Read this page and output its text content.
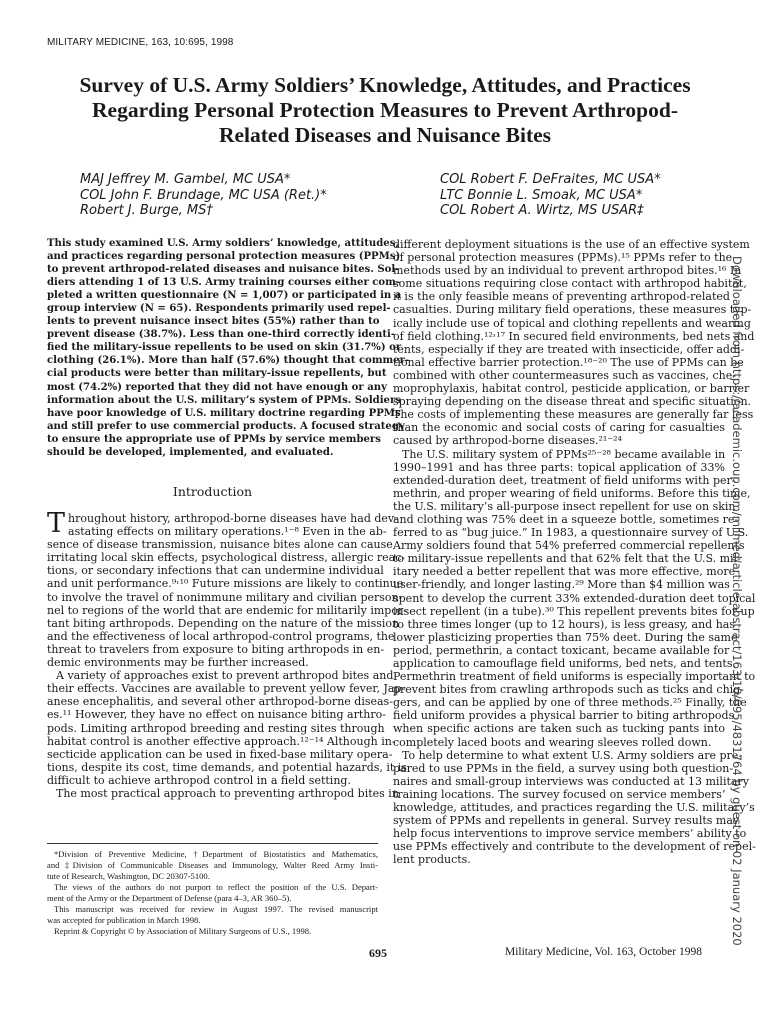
MILITARY MEDICINE, 163, 10:695, 1998
Survey of U.S. Army Soldiers’ Knowledge, Attitudes, and Practices
Regarding Personal Protection Measures to Prevent Arthropod-
Related Diseases and Nuisance Bites
MAJ Jeffrey M. Gambel, MC USA*
COL John F. Brundage, MC USA (Ret.)*
Robert J. Burge, MS†
COL Robert F. DeFraites, MC USA*
LTC Bonnie L. Smoak, MC USA*
COL Robert A. Wirtz, MS USAR‡
This study examined U.S. Army soldiers’ knowledge, attitudes,
and practices regarding personal protection measures (PPMs)
to prevent arthropod-related diseases and nuisance bites. Sol-
diers attending 1 of 13 U.S. Army training courses either com-
pleted a written questionnaire (N = 1,007) or participated in a
group interview (N = 65). Respondents primarily used repel-
lents to prevent nuisance insect bites (55%) rather than to
prevent disease (38.7%). Less than one-third correctly identi-
fied the military-issue repellents to be used on skin (31.7%) or
clothing (26.1%). More than half (57.6%) thought that commer-
cial products were better than military-issue repellents, but
most (74.2%) reported that they did not have enough or any
information about the U.S. military’s system of PPMs. Soldiers
have poor knowledge of U.S. military doctrine regarding PPMs
and still prefer to use commercial products. A focused strategy
to ensure the appropriate use of PPMs by service members
should be developed, implemented, and evaluated.
Introduction
T hroughout history, arthropod-borne diseases have had dev-
astating effects on military operations.¹⁻⁸ Even in the ab-
sence of disease transmission, nuisance bites alone can cause
irritating local skin effects, psychological distress, allergic reac-
tions, or secondary infections that can undermine individual
and unit performance.⁹˒¹⁰ Future missions are likely to continue
to involve the travel of nonimmune military and civilian person-
nel to regions of the world that are endemic for militarily impor-
tant biting arthropods. Depending on the nature of the mission
and the effectiveness of local arthropod-control programs, the
threat to travelers from exposure to biting arthropods in en-
demic environments may be further increased.
A variety of approaches exist to prevent arthropod bites and
their effects. Vaccines are available to prevent yellow fever, Jap-
anese encephalitis, and several other arthropod-borne diseas-
es.¹¹ However, they have no effect on nuisance biting arthro-
pods. Limiting arthropod breeding and resting sites through
habitat control is another effective approach.¹²⁻¹⁴ Although in-
secticide application can be used in fixed-base military opera-
tions, despite its cost, time demands, and potential hazards, it is
difficult to achieve arthropod control in a field setting.
The most practical approach to preventing arthropod bites in
*Division of Preventive Medicine, †Department of Biostatistics and Mathematics,
and ‡Division of Communicable Diseases and Immunology, Walter Reed Army Insti-
tute of Research, Washington, DC 20307-5100.
The views of the authors do not purport to reflect the position of the U.S. Depart-
ment of the Army or the Department of Defense (para 4–3, AR 360–5).
This manuscript was received for review in August 1997. The revised manuscript
was accepted for publication in March 1998.
Reprint & Copyright © by Association of Military Surgeons of U.S., 1998.
different deployment situations is the use of an effective system
of personal protection measures (PPMs).¹⁵ PPMs refer to the
methods used by an individual to prevent arthropod bites.¹⁶ In
some situations requiring close contact with arthropod habitat,
it is the only feasible means of preventing arthropod-related
casualties. During military field operations, these measures typ-
ically include use of topical and clothing repellents and wearing
of field clothing.¹²˒¹⁷ In secured field environments, bed nets and
tents, especially if they are treated with insecticide, offer addi-
tional effective barrier protection.¹⁸⁻²⁰ The use of PPMs can be
combined with other countermeasures such as vaccines, che-
moprophylaxis, habitat control, pesticide application, or barrier
spraying depending on the disease threat and specific situation.
The costs of implementing these measures are generally far less
than the economic and social costs of caring for casualties
caused by arthropod-borne diseases.²¹⁻²⁴
The U.S. military system of PPMs²⁵⁻²⁸ became available in
1990–1991 and has three parts: topical application of 33%
extended-duration deet, treatment of field uniforms with per-
methrin, and proper wearing of field uniforms. Before this time,
the U.S. military’s all-purpose insect repellent for use on skin
and clothing was 75% deet in a squeeze bottle, sometimes re-
ferred to as “bug juice.” In 1983, a questionnaire survey of U.S.
Army soldiers found that 54% preferred commercial repellents
to military-issue repellents and that 62% felt that the U.S. mil-
itary needed a better repellent that was more effective, more
user-friendly, and longer lasting.²⁹ More than $4 million was
spent to develop the current 33% extended-duration deet topical
insect repellent (in a tube).³⁰ This repellent prevents bites for up
to three times longer (up to 12 hours), is less greasy, and has
lower plasticizing properties than 75% deet. During the same
period, permethrin, a contact toxicant, became available for
application to camouflage field uniforms, bed nets, and tents.
Permethrin treatment of field uniforms is especially important to
prevent bites from crawling arthropods such as ticks and chig-
gers, and can be applied by one of three methods.²⁵ Finally, the
field uniform provides a physical barrier to biting arthropods
when specific actions are taken such as tucking pants into
completely laced boots and wearing sleeves rolled down.
To help determine to what extent U.S. Army soldiers are pre-
pared to use PPMs in the field, a survey using both question-
naires and small-group interviews was conducted at 13 military
training locations. The survey focused on service members’
knowledge, attitudes, and practices regarding the U.S. military’s
system of PPMs and repellents in general. Survey results may
help focus interventions to improve service members’ ability to
use PPMs effectively and contribute to the development of repel-
lent products.
695	Military Medicine, Vol. 163, October 1998
Downloaded from https://academic.oup.com/milmed/article-abstract/163/10/695/4831764 by guest on 02 January 2020
